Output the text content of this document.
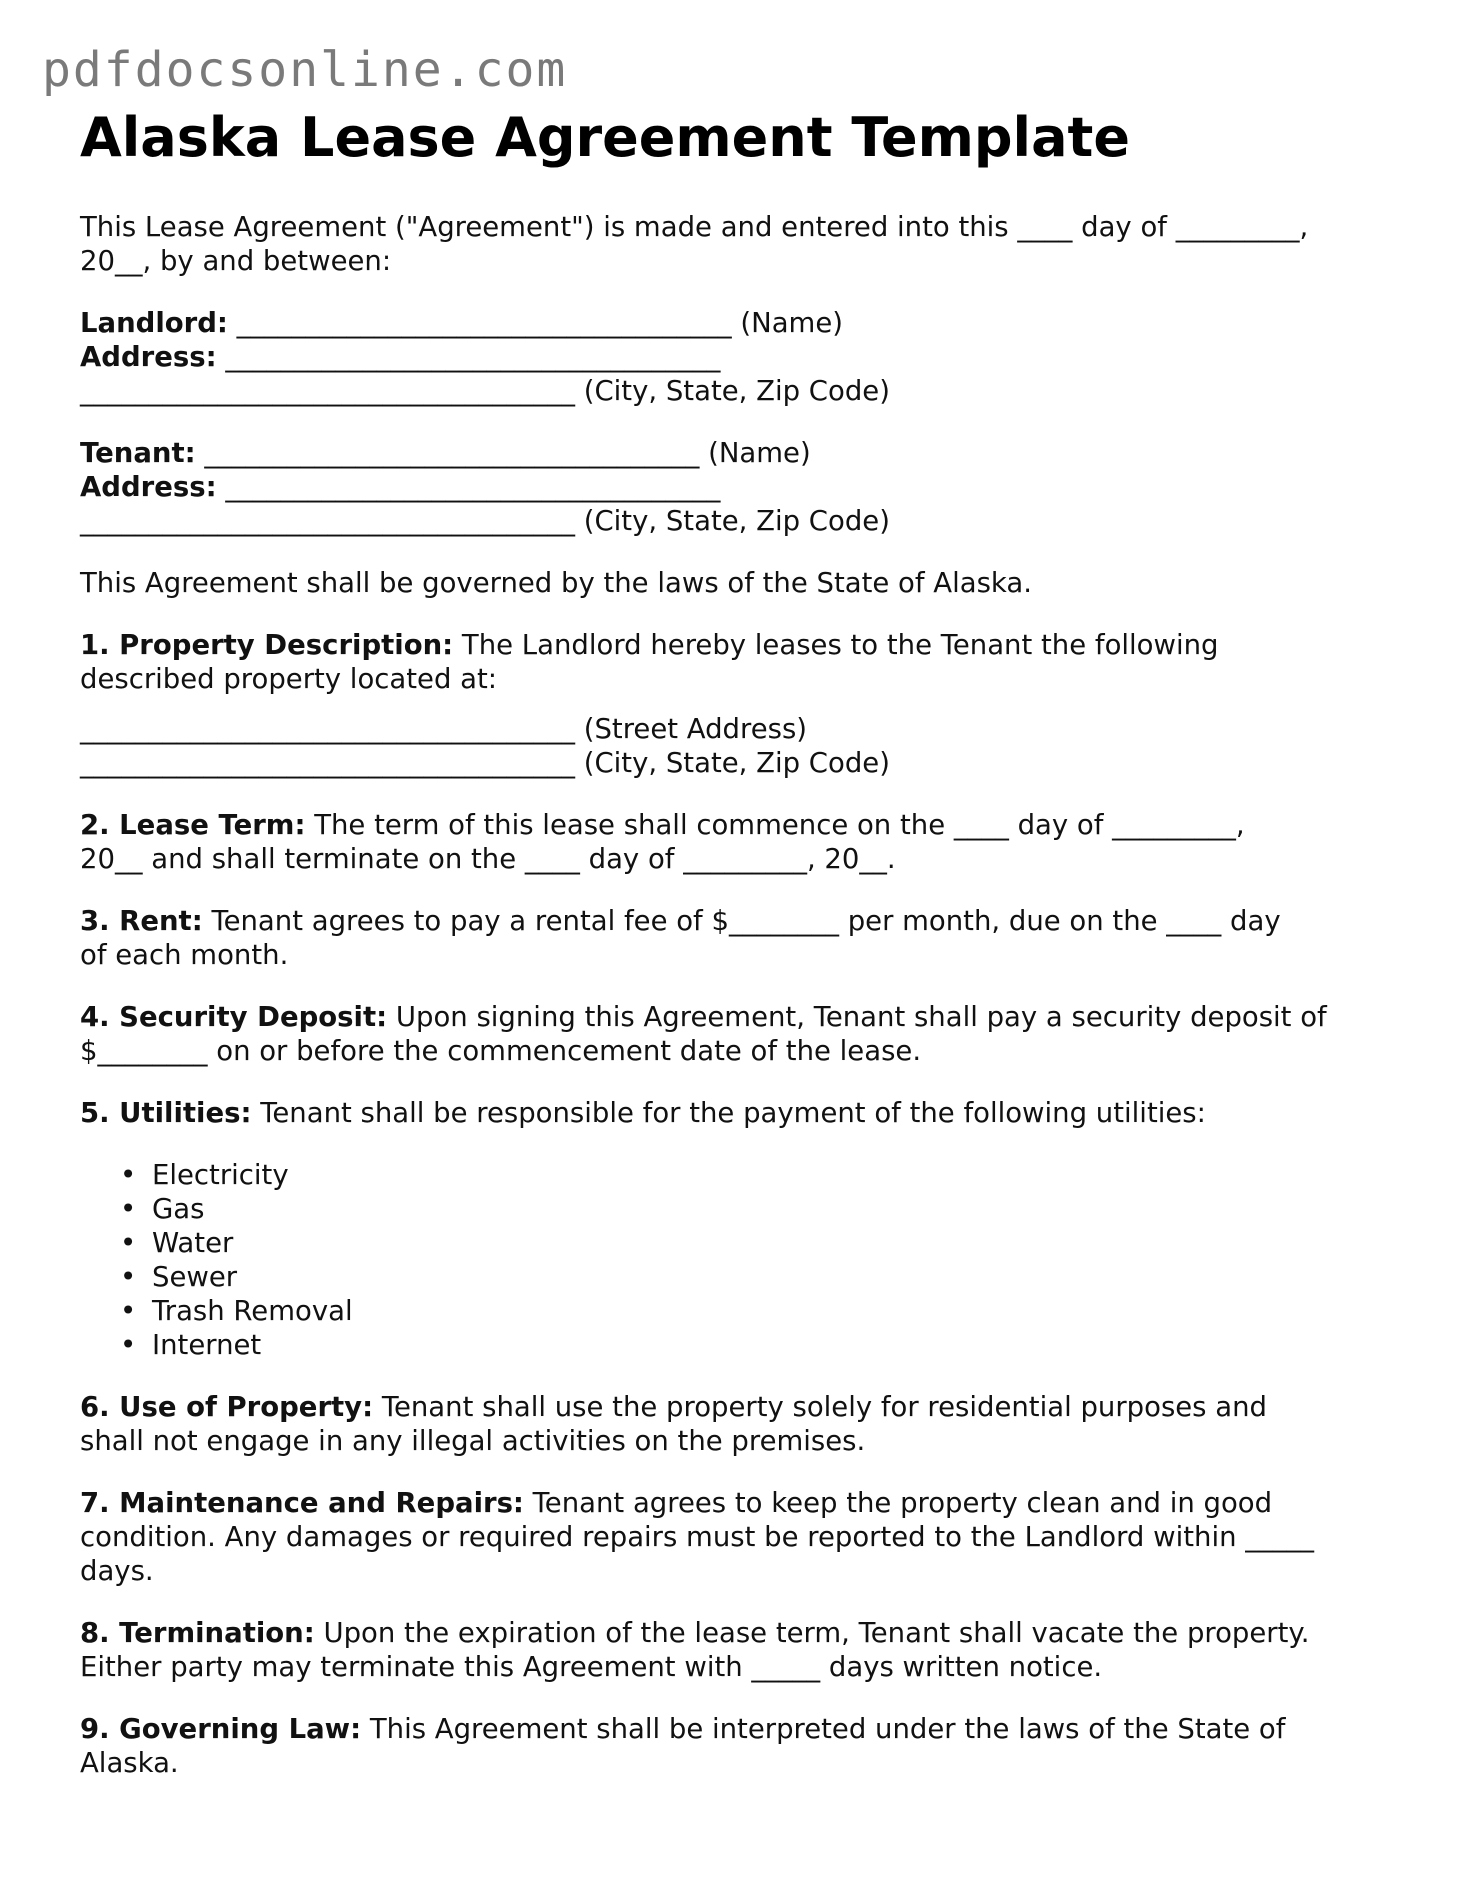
pdfdocsonline.com
Alaska Lease Agreement Template
This Lease Agreement ("Agreement") is made and entered into this ____ day of _________,
20__, by and between:
Landlord: ____________________________________ (Name)
Address: ____________________________________
____________________________________ (City, State, Zip Code)
Tenant: ____________________________________ (Name)
Address: ____________________________________
____________________________________ (City, State, Zip Code)
This Agreement shall be governed by the laws of the State of Alaska.
1. Property Description: The Landlord hereby leases to the Tenant the following
described property located at:
____________________________________ (Street Address)
____________________________________ (City, State, Zip Code)
2. Lease Term: The term of this lease shall commence on the ____ day of _________,
20__ and shall terminate on the ____ day of _________, 20__.
3. Rent: Tenant agrees to pay a rental fee of $________ per month, due on the ____ day
of each month.
4. Security Deposit: Upon signing this Agreement, Tenant shall pay a security deposit of
$________ on or before the commencement date of the lease.
5. Utilities: Tenant shall be responsible for the payment of the following utilities:
• Electricity
• Gas
• Water
• Sewer
• Trash Removal
• Internet
6. Use of Property: Tenant shall use the property solely for residential purposes and
shall not engage in any illegal activities on the premises.
7. Maintenance and Repairs: Tenant agrees to keep the property clean and in good
condition. Any damages or required repairs must be reported to the Landlord within _____
days.
8. Termination: Upon the expiration of the lease term, Tenant shall vacate the property.
Either party may terminate this Agreement with _____ days written notice.
9. Governing Law: This Agreement shall be interpreted under the laws of the State of
Alaska.
